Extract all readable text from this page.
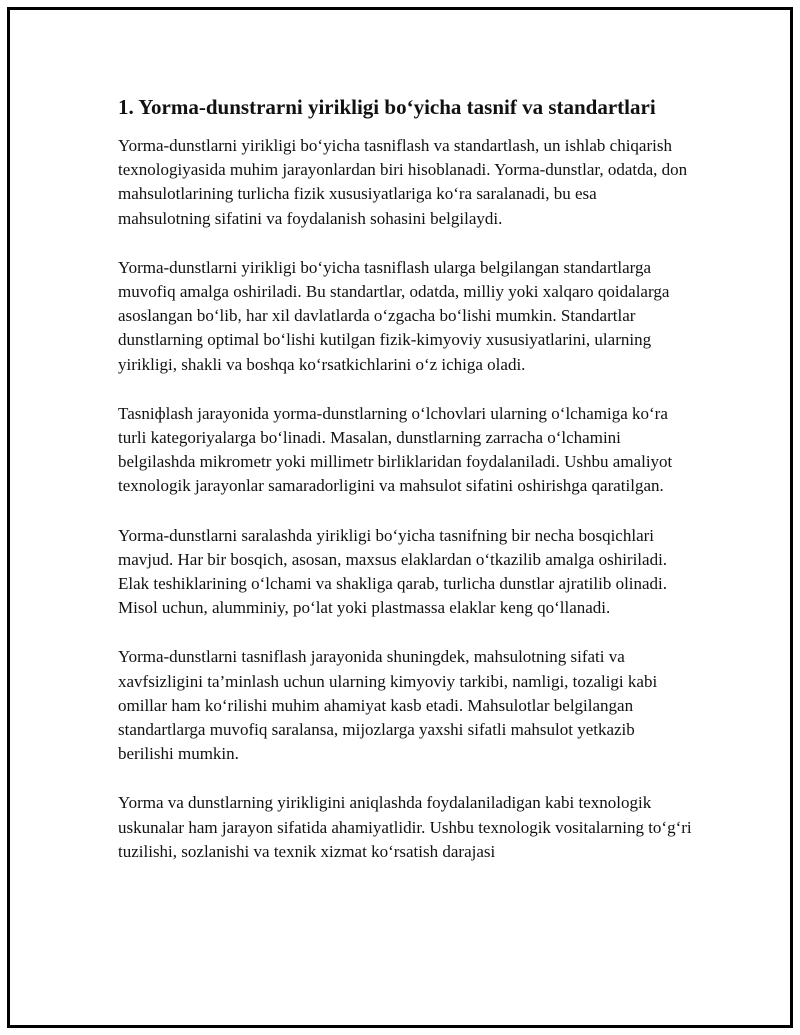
1. Yorma-dunstrarni yirikligi bo‘yicha tasnif va standartlari

Yorma-dunstlarni yirikligi bo‘yicha tasniflash va standartlash, un ishlab chiqarish texnologiyasida muhim jarayonlardan biri hisoblanadi. Yorma-dunstlar, odatda, don mahsulotlarining turlicha fizik xususiyatlariga ko‘ra saralanadi, bu esa mahsulotning sifatini va foydalanish sohasini belgilaydi.

Yorma-dunstlarni yirikligi bo‘yicha tasniflash ularga belgilangan standartlarga muvofiq amalga oshiriladi. Bu standartlar, odatda, milliy yoki xalqaro qoidalarga asoslangan bo‘lib, har xil davlatlarda o‘zgacha bo‘lishi mumkin. Standartlar dunstlarning optimal bo‘lishi kutilgan fizik-kimyoviy xususiyatlarini, ularning yirikligi, shakli va boshqa ko‘rsatkichlarini o‘z ichiga oladi.

Tasniфlash jarayonida yorma-dunstlarning o‘lchovlari ularning o‘lchamiga ko‘ra turli kategoriyalarga bo‘linadi. Masalan, dunstlarning zarracha o‘lchamini belgilashda mikrometr yoki millimetr birliklaridan foydalaniladi. Ushbu amaliyot texnologik jarayonlar samaradorligini va mahsulot sifatini oshirishga qaratilgan.

Yorma-dunstlarni saralashda yirikligi bo‘yicha tasnifning bir necha bosqichlari mavjud. Har bir bosqich, asosan, maxsus elaklardan o‘tkazilib amalga oshiriladi. Elak teshiklarining o‘lchami va shakliga qarab, turlicha dunstlar ajratilib olinadi. Misol uchun, alumminiy, po‘lat yoki plastmassa elaklar keng qo‘llanadi.

Yorma-dunstlarni tasniflash jarayonida shuningdek, mahsulotning sifati va xavfsizligini ta’minlash uchun ularning kimyoviy tarkibi, namligi, tozaligi kabi omillar ham ko‘rilishi muhim ahamiyat kasb etadi. Mahsulotlar belgilangan standartlarga muvofiq saralansa, mijozlarga yaxshi sifatli mahsulot yetkazib berilishi mumkin.

Yorma va dunstlarning yirikligini aniqlashda foydalaniladigan kabi texnologik uskunalar ham jarayon sifatida ahamiyatlidir. Ushbu texnologik vositalarning to‘g‘ri tuzilishi, sozlanishi va texnik xizmat ko‘rsatish darajasi
